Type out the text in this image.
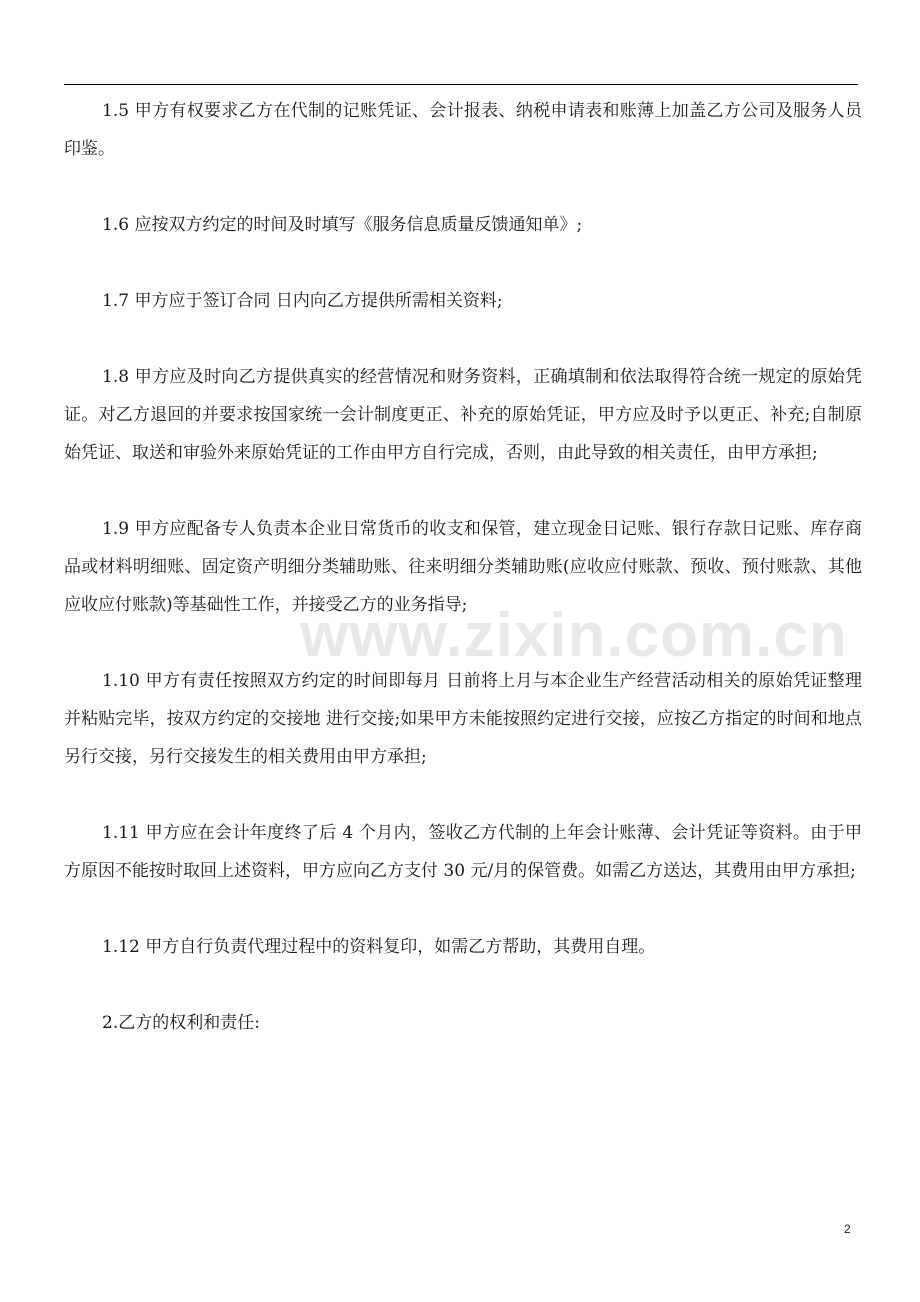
www.zixin.com.cn

1.5 甲方有权要求乙方在代制的记账凭证、会计报表、纳税申请表和账薄上加盖乙方公司及服务人员印鉴。

1.6 应按双方约定的时间及时填写《服务信息质量反馈通知单》;

1.7 甲方应于签订合同 日内向乙方提供所需相关资料;

1.8 甲方应及时向乙方提供真实的经营情况和财务资料，正确填制和依法取得符合统一规定的原始凭证。对乙方退回的并要求按国家统一会计制度更正、补充的原始凭证，甲方应及时予以更正、补充;自制原始凭证、取送和审验外来原始凭证的工作由甲方自行完成，否则，由此导致的相关责任，由甲方承担;

1.9 甲方应配备专人负责本企业日常货币的收支和保管，建立现金日记账、银行存款日记账、库存商品或材料明细账、固定资产明细分类辅助账、往来明细分类辅助账(应收应付账款、预收、预付账款、其他应收应付账款)等基础性工作，并接受乙方的业务指导;

1.10 甲方有责任按照双方约定的时间即每月 日前将上月与本企业生产经营活动相关的原始凭证整理并粘贴完毕，按双方约定的交接地 进行交接;如果甲方未能按照约定进行交接，应按乙方指定的时间和地点另行交接，另行交接发生的相关费用由甲方承担;

1.11 甲方应在会计年度终了后 4 个月内，签收乙方代制的上年会计账薄、会计凭证等资料。由于甲方原因不能按时取回上述资料，甲方应向乙方支付 30 元/月的保管费。如需乙方送达，其费用由甲方承担;

1.12 甲方自行负责代理过程中的资料复印，如需乙方帮助，其费用自理。

2.乙方的权利和责任:

2
